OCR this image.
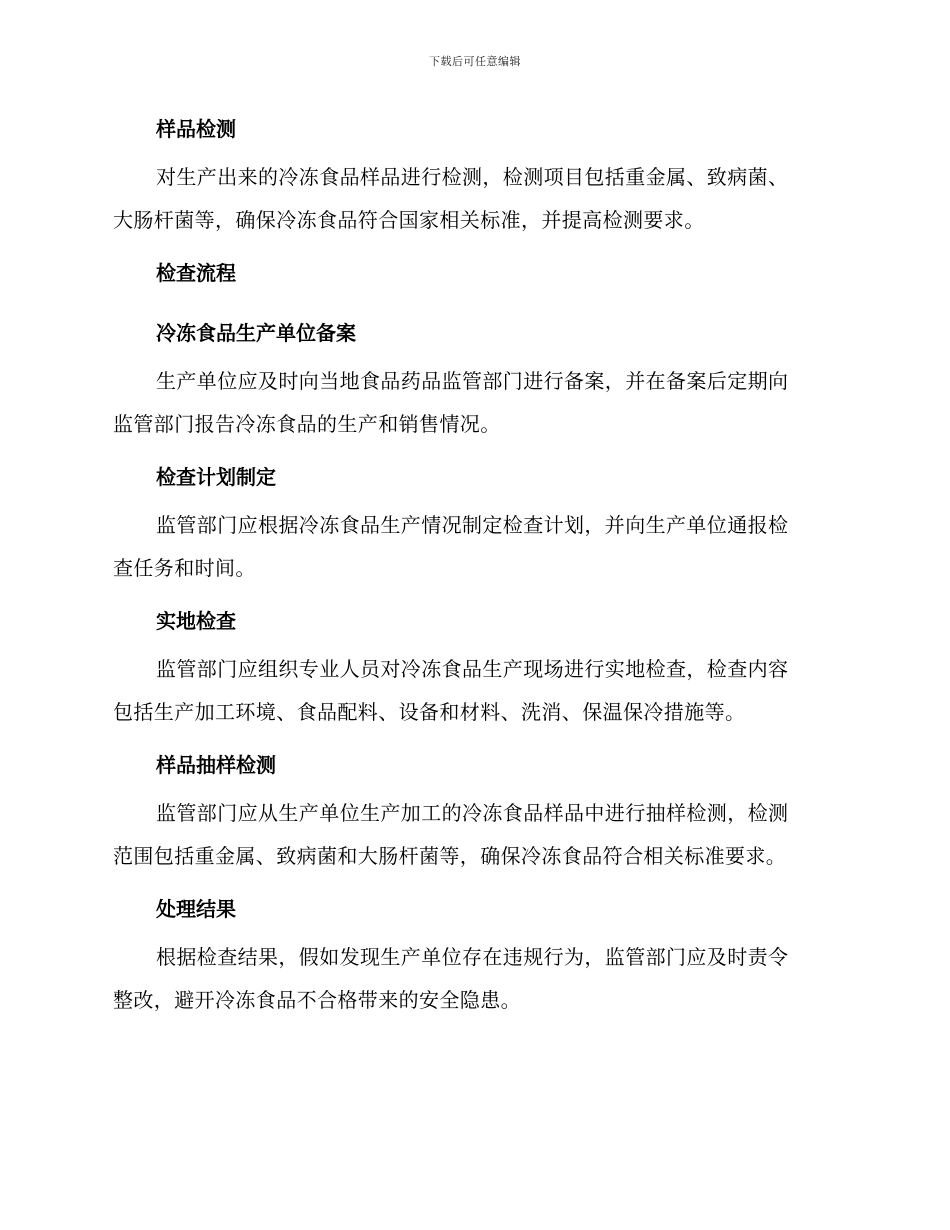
下载后可任意编辑
样品检测

对生产出来的冷冻食品样品进行检测，检测项目包括重金属、致病菌、
大肠杆菌等，确保冷冻食品符合国家相关标准，并提高检测要求。

检查流程
冷冻食品生产单位备案

生产单位应及时向当地食品药品监管部门进行备案，并在备案后定期向
监管部门报告冷冻食品的生产和销售情况。

检查计划制定

监管部门应根据冷冻食品生产情况制定检查计划，并向生产单位通报检
查任务和时间。

实地检查

监管部门应组织专业人员对冷冻食品生产现场进行实地检查，检查内容
包括生产加工环境、食品配料、设备和材料、洗消、保温保冷措施等。

样品抽样检测

监管部门应从生产单位生产加工的冷冻食品样品中进行抽样检测，检测
范围包括重金属、致病菌和大肠杆菌等，确保冷冻食品符合相关标准要求。

处理结果

根据检查结果，假如发现生产单位存在违规行为，监管部门应及时责令
整改，避开冷冻食品不合格带来的安全隐患。
